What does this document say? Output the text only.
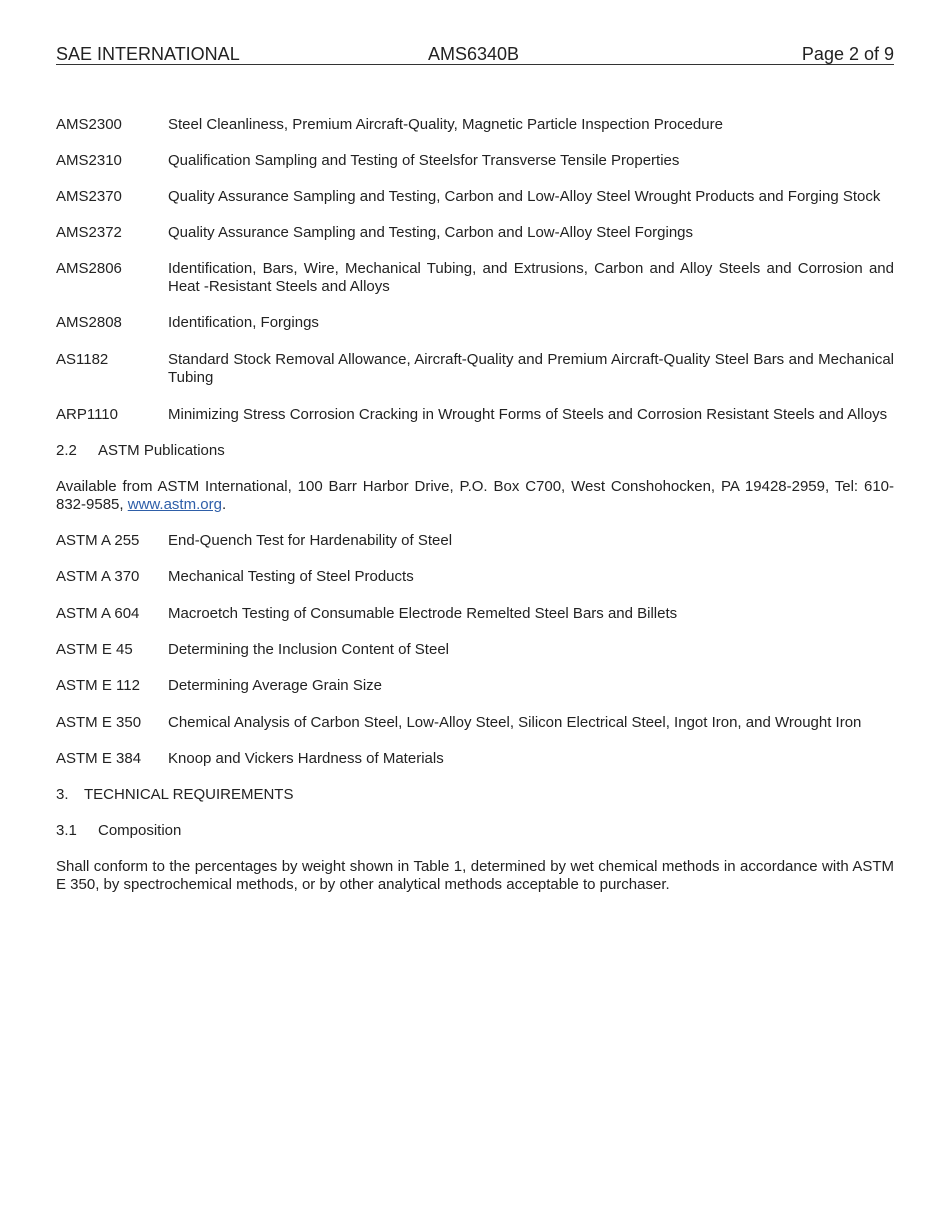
SAE INTERNATIONAL	AMS6340B	Page 2 of 9
AMS2300	Steel Cleanliness, Premium Aircraft-Quality, Magnetic Particle Inspection Procedure
AMS2310	Qualification Sampling and Testing of Steelsfor Transverse Tensile Properties
AMS2370	Quality Assurance Sampling and Testing, Carbon and Low-Alloy Steel Wrought Products and Forging Stock
AMS2372	Quality Assurance Sampling and Testing, Carbon and Low-Alloy Steel Forgings
AMS2806	Identification, Bars, Wire, Mechanical Tubing, and Extrusions, Carbon and Alloy Steels and Corrosion and Heat -Resistant Steels and Alloys
AMS2808	Identification, Forgings
AS1182	Standard Stock Removal Allowance, Aircraft-Quality and Premium Aircraft-Quality Steel Bars and Mechanical Tubing
ARP1110	Minimizing Stress Corrosion Cracking in Wrought Forms of Steels and Corrosion Resistant Steels and Alloys
2.2	ASTM Publications
Available from ASTM International, 100 Barr Harbor Drive, P.O. Box C700, West Conshohocken, PA 19428-2959, Tel: 610-832-9585, www.astm.org.
ASTM A 255	End-Quench Test for Hardenability of Steel
ASTM A 370	Mechanical Testing of Steel Products
ASTM A 604	Macroetch Testing of Consumable Electrode Remelted Steel Bars and Billets
ASTM E 45	Determining the Inclusion Content of Steel
ASTM E 112	Determining Average Grain Size
ASTM E 350	Chemical Analysis of Carbon Steel, Low-Alloy Steel, Silicon Electrical Steel, Ingot Iron, and Wrought Iron
ASTM E 384	Knoop and Vickers Hardness of Materials
3.	TECHNICAL REQUIREMENTS
3.1	Composition
Shall conform to the percentages by weight shown in Table 1, determined by wet chemical methods in accordance with ASTM E 350, by spectrochemical methods, or by other analytical methods acceptable to purchaser.
